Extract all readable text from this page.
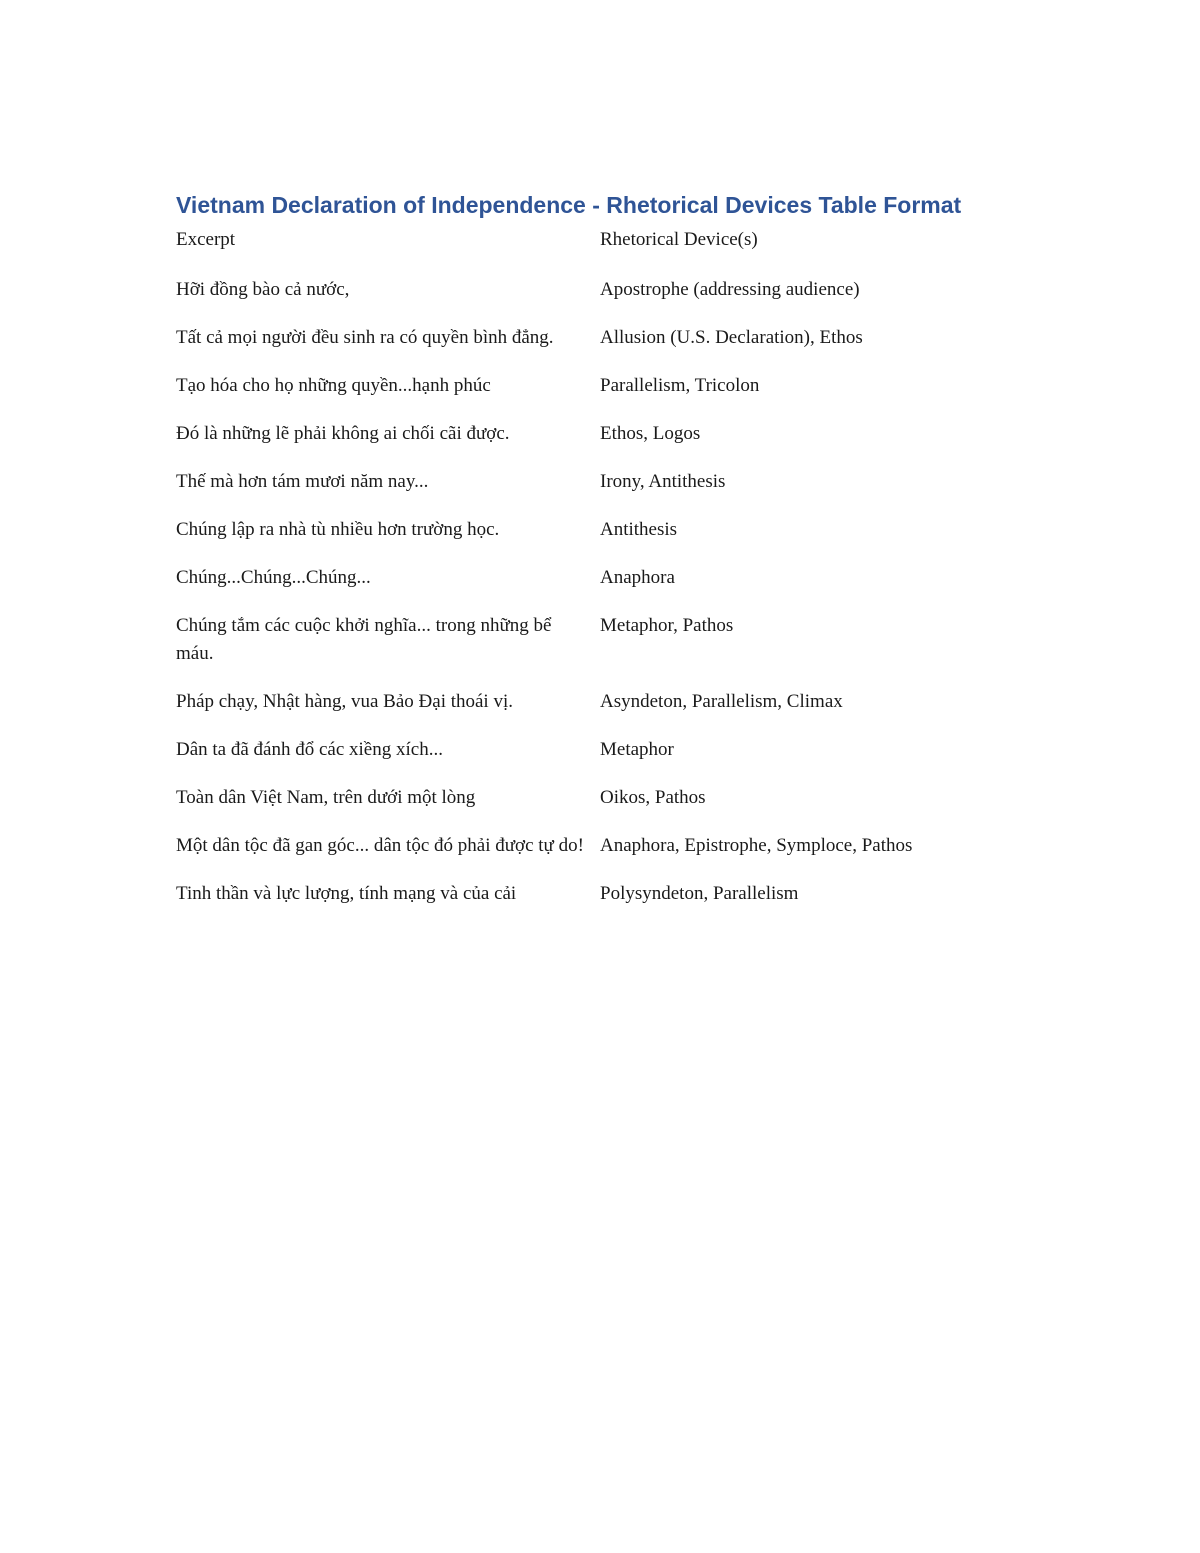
Vietnam Declaration of Independence - Rhetorical Devices Table Format
Excerpt	Rhetorical Device(s)
Hỡi đồng bào cả nước,	Apostrophe (addressing audience)
Tất cả mọi người đều sinh ra có quyền bình đẳng.	Allusion (U.S. Declaration), Ethos
Tạo hóa cho họ những quyền...hạnh phúc	Parallelism, Tricolon
Đó là những lẽ phải không ai chối cãi được.	Ethos, Logos
Thế mà hơn tám mươi năm nay...	Irony, Antithesis
Chúng lập ra nhà tù nhiều hơn trường học.	Antithesis
Chúng...Chúng...Chúng...	Anaphora
Chúng tắm các cuộc khởi nghĩa... trong những bể máu.	Metaphor, Pathos
Pháp chạy, Nhật hàng, vua Bảo Đại thoái vị.	Asyndeton, Parallelism, Climax
Dân ta đã đánh đổ các xiềng xích...	Metaphor
Toàn dân Việt Nam, trên dưới một lòng	Oikos, Pathos
Một dân tộc đã gan góc... dân tộc đó phải được tự do!	Anaphora, Epistrophe, Symploce, Pathos
Tinh thần và lực lượng, tính mạng và của cải	Polysyndeton, Parallelism
